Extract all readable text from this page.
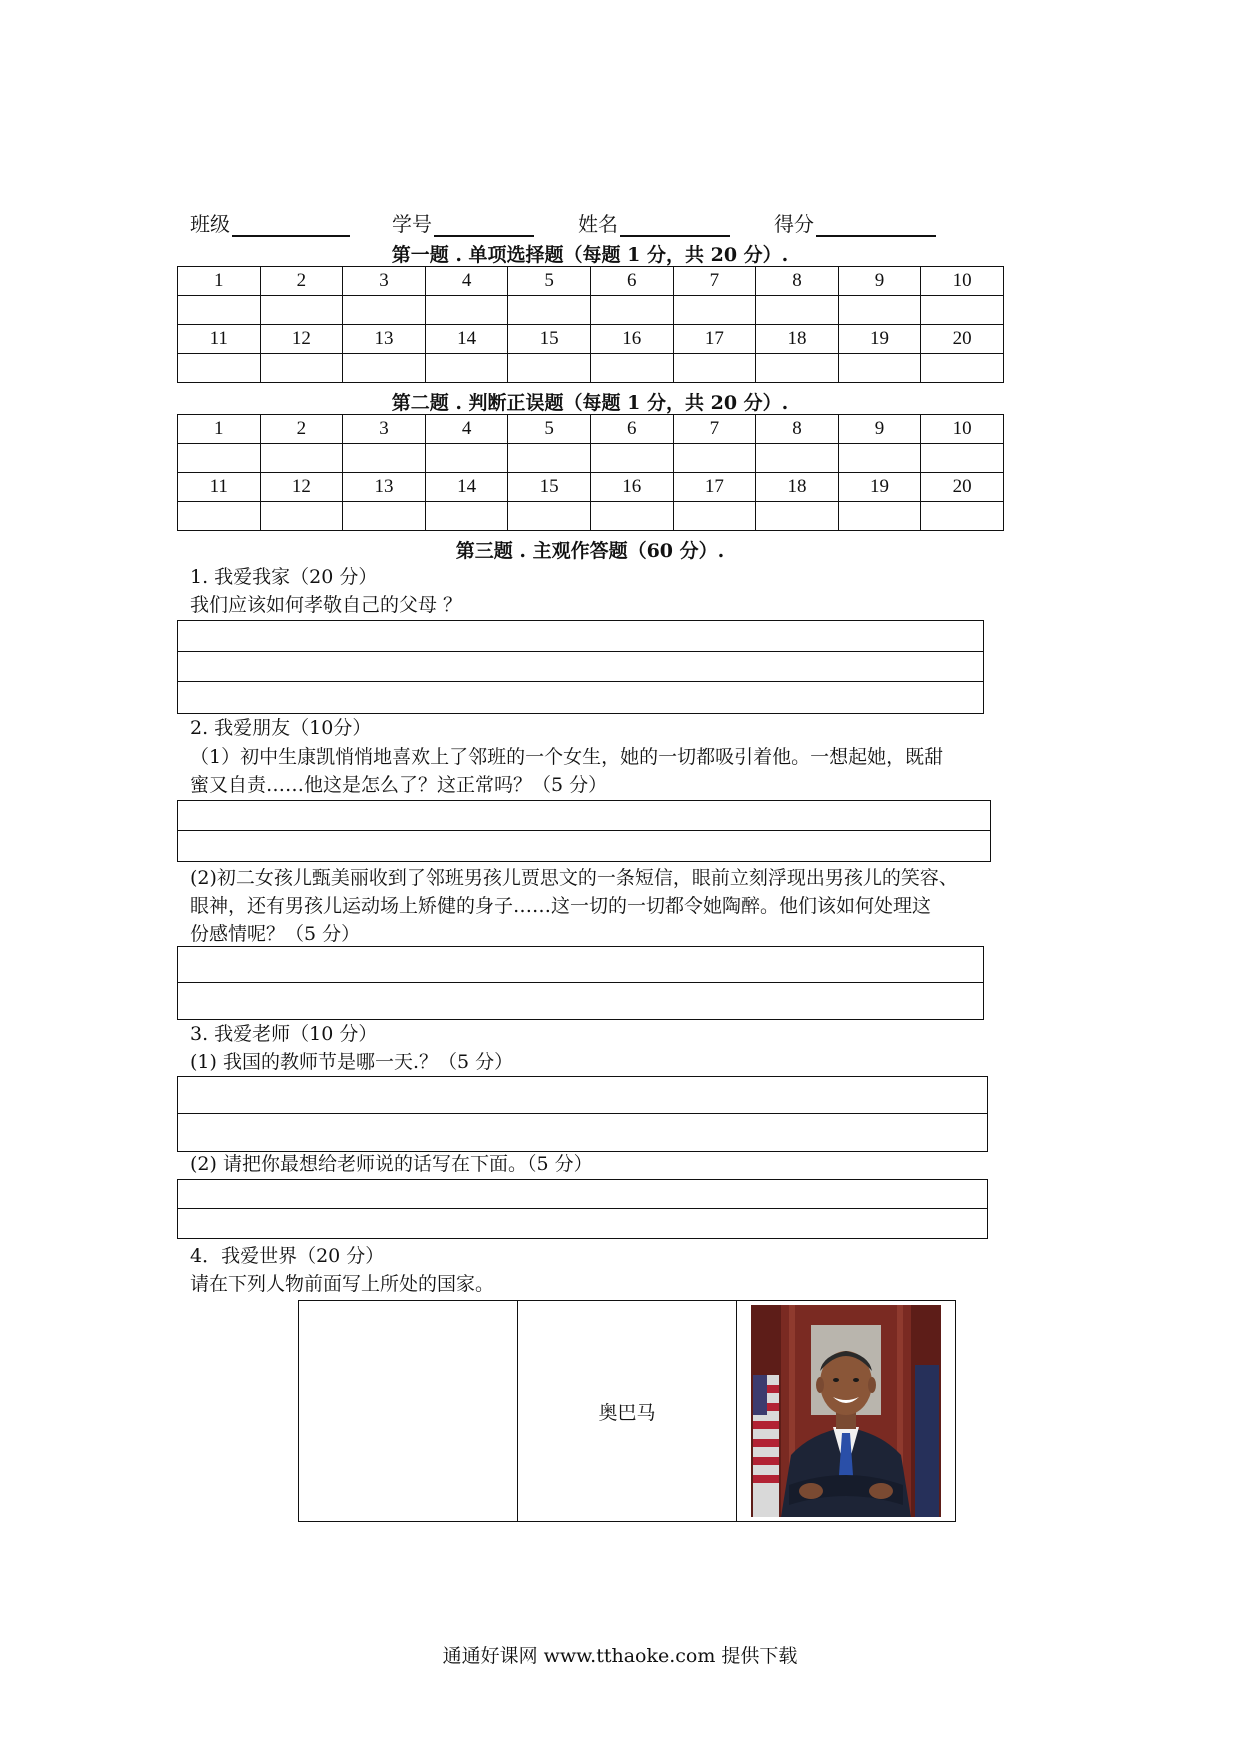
班级	学号	姓名	得分
第一题 . 单项选择题（每题 1 分，共 20 分）.
1	2	3	4	5	6	7	8	9	10

11	12	13	14	15	16	17	18	19	20

第二题 . 判断正误题（每题 1 分，共 20 分）.
1	2	3	4	5	6	7	8	9	10

11	12	13	14	15	16	17	18	19	20

第三题 . 主观作答题（60 分）.
1. 我爱我家（20 分）
我们应该如何孝敬自己的父母 ？
2. 我爱朋友（10分）
（1）初中生康凯悄悄地喜欢上了邻班的一个女生，她的一切都吸引着他。一想起她，既甜
蜜又自责……他这是怎么了？这正常吗？（5 分）
(2)初二女孩儿甄美丽收到了邻班男孩儿贾思文的一条短信，眼前立刻浮现出男孩儿的笑容、
眼神，还有男孩儿运动场上矫健的身子……这一切的一切都令她陶醉。他们该如何处理这
份感情呢？（5 分）
3. 我爱老师（10 分）
(1) 我国的教师节是哪一天.？（5 分）
(2) 请把你最想给老师说的话写在下面。（5 分）
4．我爱世界（20 分）
请在下列人物前面写上所处的国家。
	奥巴马	
通通好课网 www.tthaoke.com 提供下载
